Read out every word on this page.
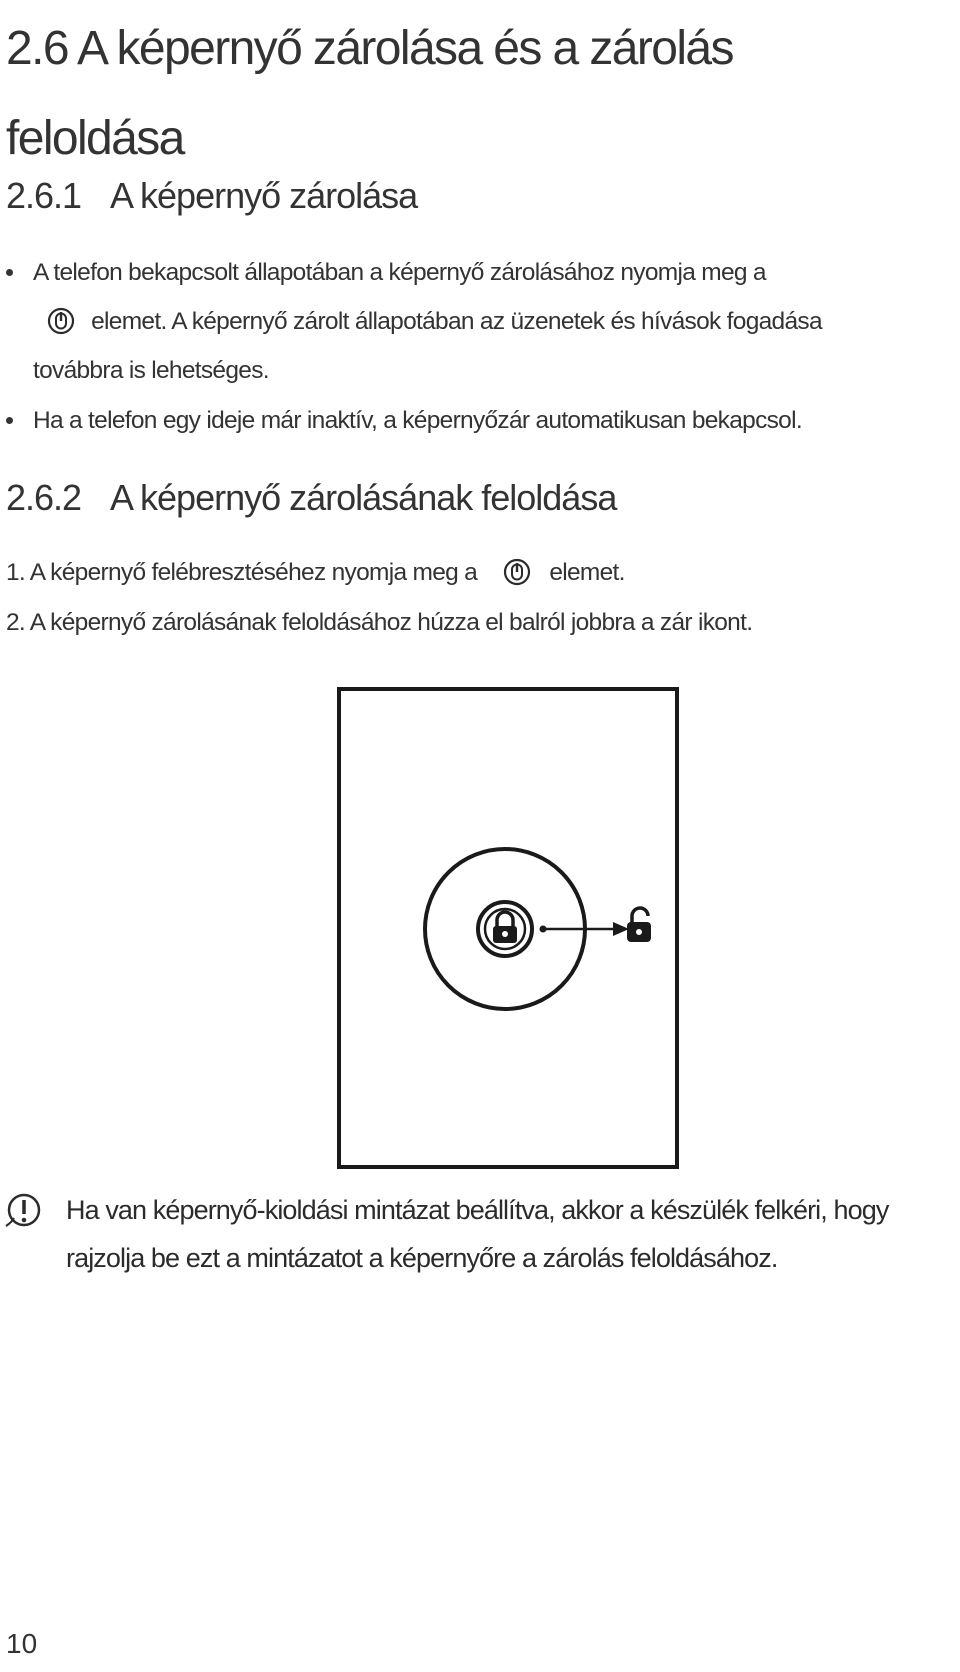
2.6 A képernyő zárolása és a zárolás
feloldása
2.6.1 A képernyő zárolása
A telefon bekapcsolt állapotában a képernyő zárolásához nyomja meg a
elemet. A képernyő zárolt állapotában az üzenetek és hívások fogadása
továbbra is lehetséges.
Ha a telefon egy ideje már inaktív, a képernyőzár automatikusan bekapcsol.
2.6.2 A képernyő zárolásának feloldása
1. A képernyő felébresztéséhez nyomja meg a	elemet.
2. A képernyő zárolásának feloldásához húzza el balról jobbra a zár ikont.
Ha van képernyő-kioldási mintázat beállítva, akkor a készülék felkéri, hogy
rajzolja be ezt a mintázatot a képernyőre a zárolás feloldásához.
10
